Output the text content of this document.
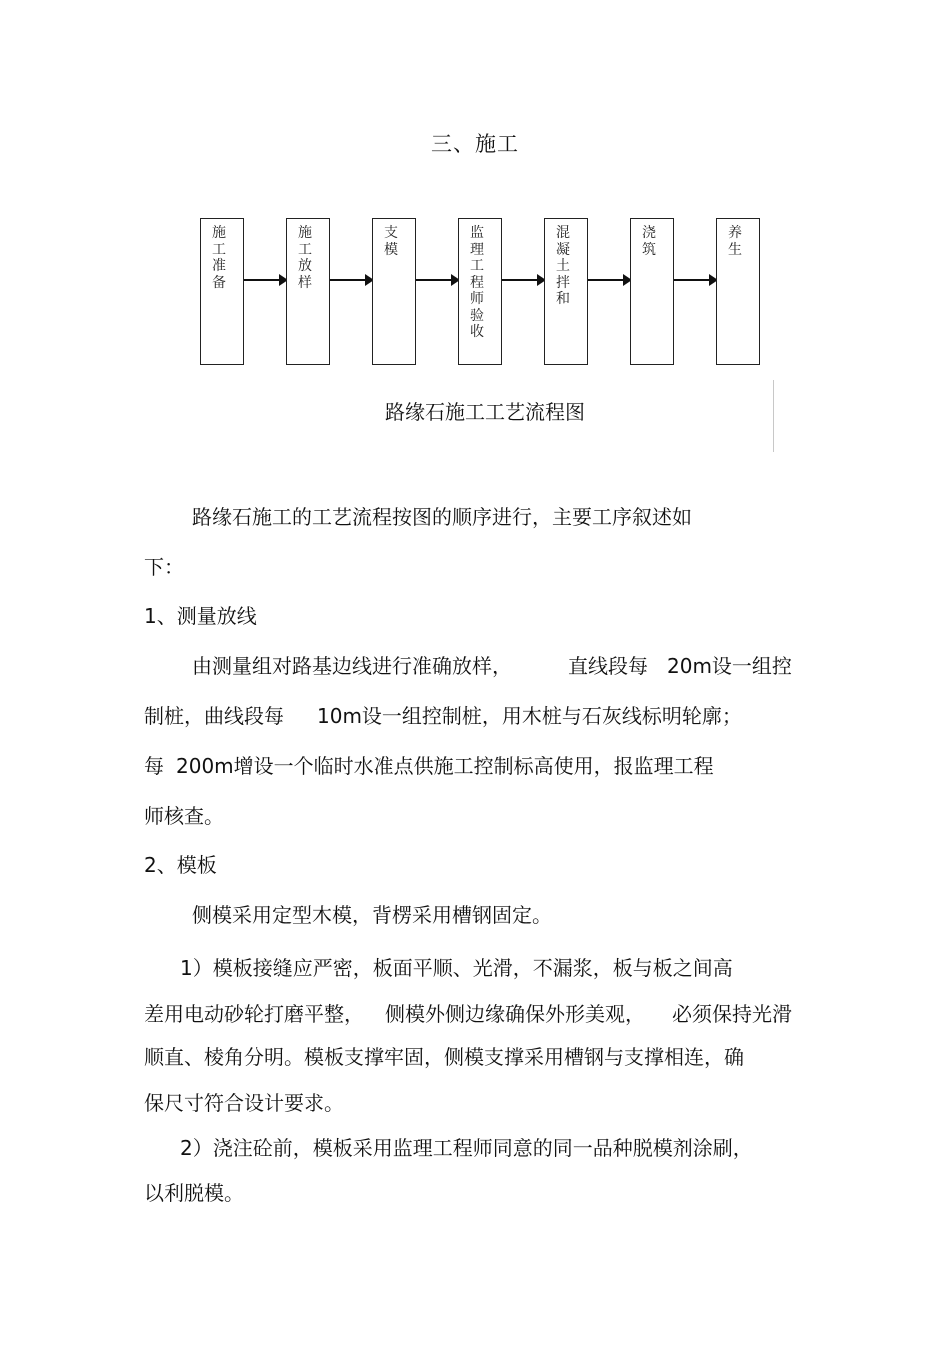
三、施工
施工准备
施工放样
支模
监理工程师验收
混凝土拌和
浇筑
养生
路缘石施工工艺流程图
路缘石施工的工艺流程按图的顺序进行，主要工序叙述如
下：
1、测量放线
由测量组对路基边线进行准确放样，	直线段每 20m设一组控
制桩，曲线段每 10m设一组控制桩，用木桩与石灰线标明轮廓；
每 200m增设一个临时水准点供施工控制标高使用，报监理工程
师核查。
2、模板
侧模采用定型木模，背楞采用槽钢固定。
1）模板接缝应严密，板面平顺、光滑，不漏浆，板与板之间高
差用电动砂轮打磨平整， 侧模外侧边缘确保外形美观， 必须保持光滑
顺直、棱角分明。模板支撑牢固，侧模支撑采用槽钢与支撑相连，确
保尺寸符合设计要求。
2）浇注砼前，模板采用监理工程师同意的同一品种脱模剂涂刷，
以利脱模。
